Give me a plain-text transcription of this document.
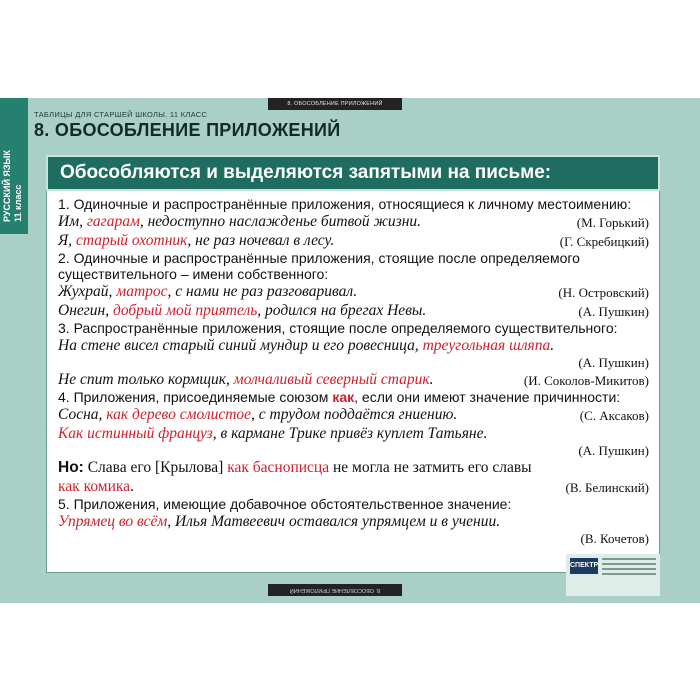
РУССКИЙ ЯЗЫК 11 класс
8. ОБОСОБЛЕНИЕ ПРИЛОЖЕНИЙ
ТАБЛИЦЫ ДЛЯ СТАРШЕЙ ШКОЛЫ. 11 КЛАСС
8. ОБОСОБЛЕНИЕ ПРИЛОЖЕНИЙ
Обособляются и выделяются запятыми на письме:
1. Одиночные и распространённые приложения, относящиеся к личному местоимению:
Им, гагарам, недоступно наслажденье битвой жизни.	(М. Горький)
Я, старый охотник, не раз ночевал в лесу.	(Г. Скребицкий)
2. Одиночные и распространённые приложения, стоящие после определяемого
существительного – имени собственного:
Жухрай, матрос, с нами не раз разговаривал.	(Н. Островский)
Онегин, добрый мой приятель, родился на брегах Невы.	(А. Пушкин)
3. Распространённые приложения, стоящие после определяемого существительного:
На стене висел старый синий мундир и его ровесница, треугольная шляпа.
(А. Пушкин)
Не спит только кормщик, молчаливый северный старик.	(И. Соколов-Микитов)
4. Приложения, присоединяемые союзом как, если они имеют значение причинности:
Сосна, как дерево смолистое, с трудом поддаётся гниению.	(С. Аксаков)
Как истинный француз, в кармане Трике привёз куплет Татьяне.
(А. Пушкин)
Но: Слава его [Крылова] как баснописца не могла не затмить его славы
как комика.	(В. Белинский)
5. Приложения, имеющие добавочное обстоятельственное значение:
Упрямец во всём, Илья Матвеевич оставался упрямцем и в учении.
(В. Кочетов)
СПЕКТР
8. ОБОСОБЛЕНИЕ ПРИЛОЖЕНИЙ
